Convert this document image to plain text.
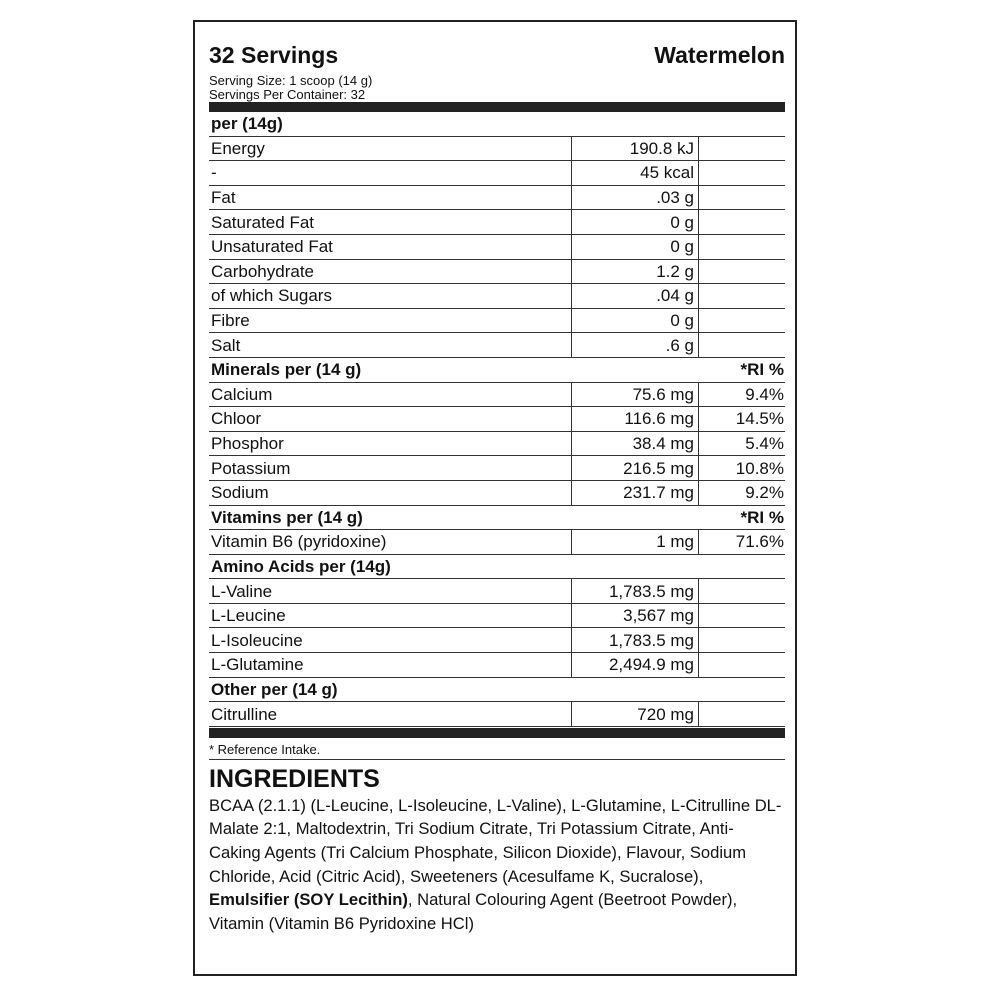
32 Servings	Watermelon
Serving Size: 1 scoop (14 g)
Servings Per Container: 32
per (14g)		
Energy	190.8 kJ	
-	45 kcal	
Fat	.03 g	
Saturated Fat	0 g	
Unsaturated Fat	0 g	
Carbohydrate	1.2 g	
of which Sugars	.04 g	
Fibre	0 g	
Salt	.6 g	
Minerals per (14 g)		*RI %
Calcium	75.6 mg	9.4%
Chloor	116.6 mg	14.5%
Phosphor	38.4 mg	5.4%
Potassium	216.5 mg	10.8%
Sodium	231.7 mg	9.2%
Vitamins per (14 g)		*RI %
Vitamin B6 (pyridoxine)	1 mg	71.6%
Amino Acids per (14g)		
L-Valine	1,783.5 mg	
L-Leucine	3,567 mg	
L-Isoleucine	1,783.5 mg	
L-Glutamine	2,494.9 mg	
Other per (14 g)		
Citrulline	720 mg	
* Reference Intake.
INGREDIENTS
BCAA (2.1.1) (L-Leucine, L-Isoleucine, L-Valine), L-Glutamine, L-Citrulline DL-Malate 2:1, Maltodextrin, Tri Sodium Citrate, Tri Potassium Citrate, Anti-Caking Agents (Tri Calcium Phosphate, Silicon Dioxide), Flavour, Sodium Chloride, Acid (Citric Acid), Sweeteners (Acesulfame K, Sucralose), Emulsifier (SOY Lecithin), Natural Colouring Agent (Beetroot Powder), Vitamin (Vitamin B6 Pyridoxine HCl)
